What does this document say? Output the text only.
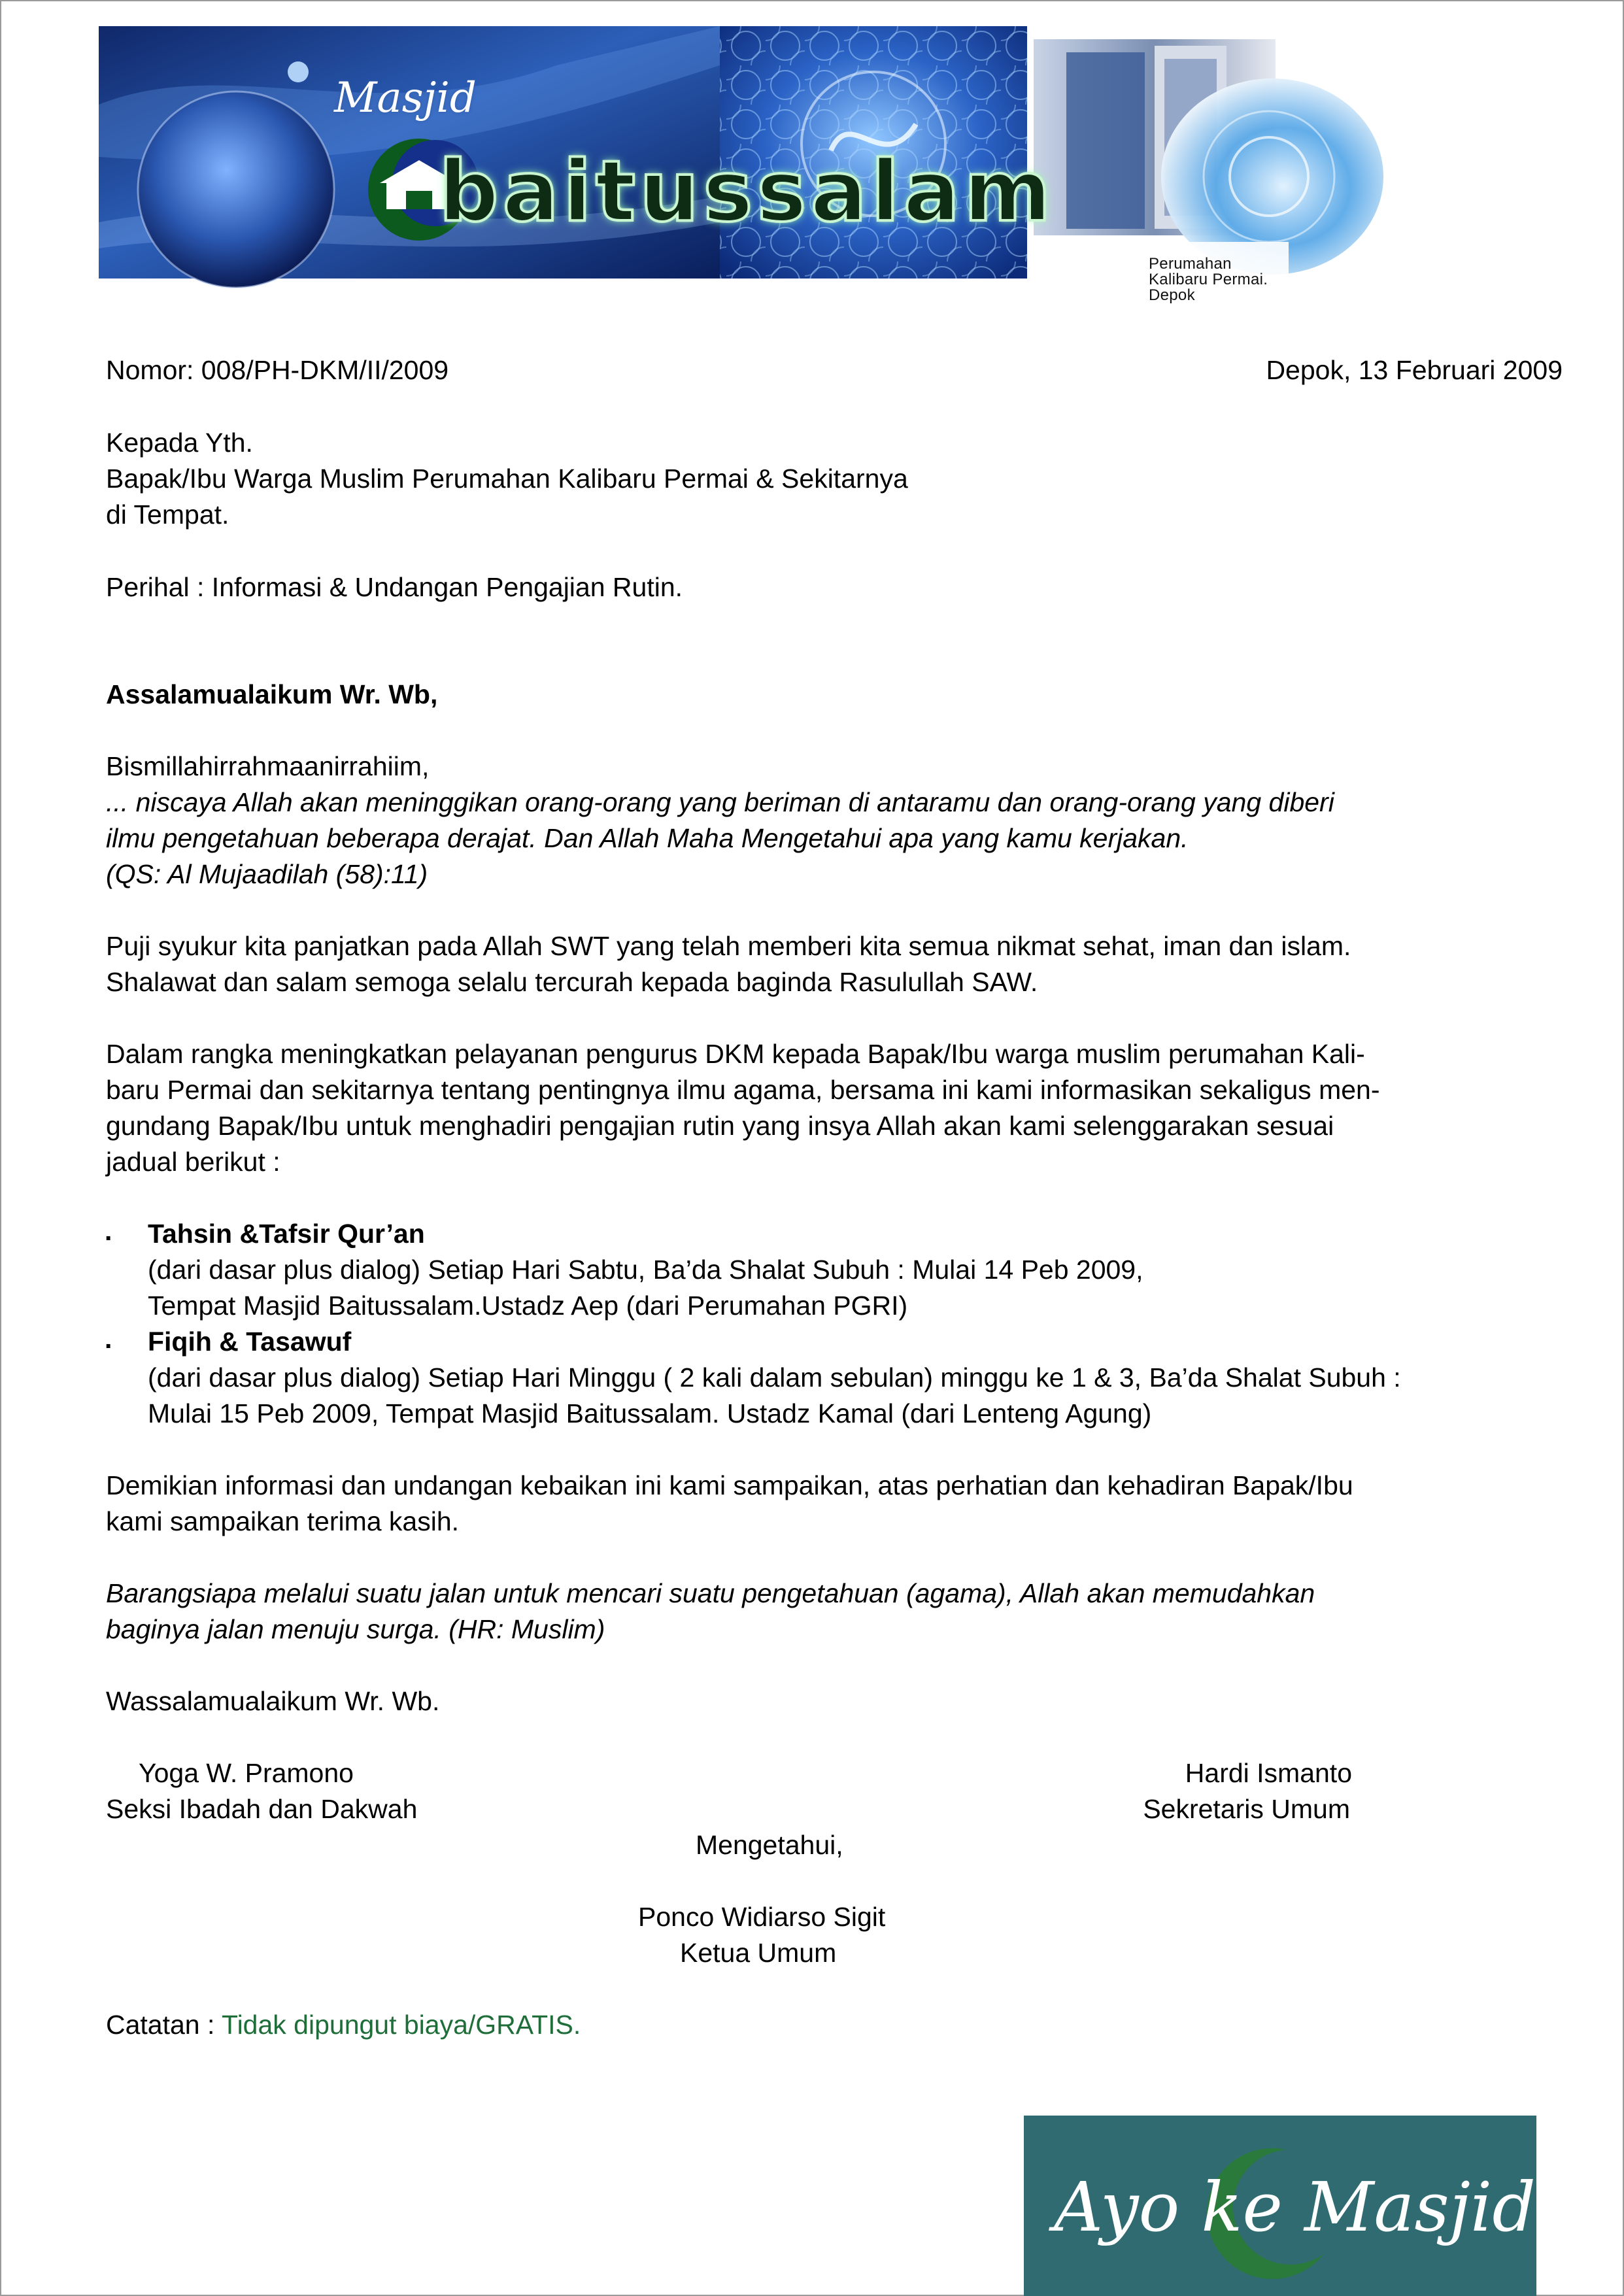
Masjid
baitussalam
Perumahan Kalibaru Permai. Depok
Nomor: 008/PH-DKM/II/2009	Depok, 13 Februari 2009
Kepada Yth.
Bapak/Ibu Warga Muslim Perumahan Kalibaru Permai & Sekitarnya
di Tempat.
Perihal : Informasi & Undangan Pengajian Rutin.
Assalamualaikum Wr. Wb,
Bismillahirrahmaanirrahiim,
... niscaya Allah akan meninggikan orang-orang yang beriman di antaramu dan orang-orang yang diberi
ilmu pengetahuan beberapa derajat. Dan Allah Maha Mengetahui apa yang kamu kerjakan.
(QS: Al Mujaadilah (58):11)
Puji syukur kita panjatkan pada Allah SWT yang telah memberi kita semua nikmat sehat, iman dan islam.
Shalawat dan salam semoga selalu tercurah kepada baginda Rasulullah SAW.
Dalam rangka meningkatkan pelayanan pengurus DKM kepada Bapak/Ibu warga muslim perumahan Kali-
baru Permai dan sekitarnya tentang pentingnya ilmu agama, bersama ini kami informasikan sekaligus men-
gundang Bapak/Ibu untuk menghadiri pengajian rutin yang insya Allah akan kami selenggarakan sesuai
jadual berikut :
. Tahsin &Tafsir Qur’an
(dari dasar plus dialog) Setiap Hari Sabtu, Ba’da Shalat Subuh : Mulai 14 Peb 2009,
Tempat Masjid Baitussalam.Ustadz Aep (dari Perumahan PGRI)
. Fiqih & Tasawuf
(dari dasar plus dialog) Setiap Hari Minggu ( 2 kali dalam sebulan) minggu ke 1 & 3, Ba’da Shalat Subuh :
Mulai 15 Peb 2009, Tempat Masjid Baitussalam. Ustadz Kamal (dari Lenteng Agung)
Demikian informasi dan undangan kebaikan ini kami sampaikan, atas perhatian dan kehadiran Bapak/Ibu
kami sampaikan terima kasih.
Barangsiapa melalui suatu jalan untuk mencari suatu pengetahuan (agama), Allah akan memudahkan
baginya jalan menuju surga. (HR: Muslim)
Wassalamualaikum Wr. Wb.
Yoga W. Pramono
Seksi Ibadah dan Dakwah
Hardi Ismanto
Sekretaris Umum
Mengetahui,
Ponco Widiarso Sigit
Ketua Umum
Catatan : Tidak dipungut biaya/GRATIS.
Ayo ke Masjid
